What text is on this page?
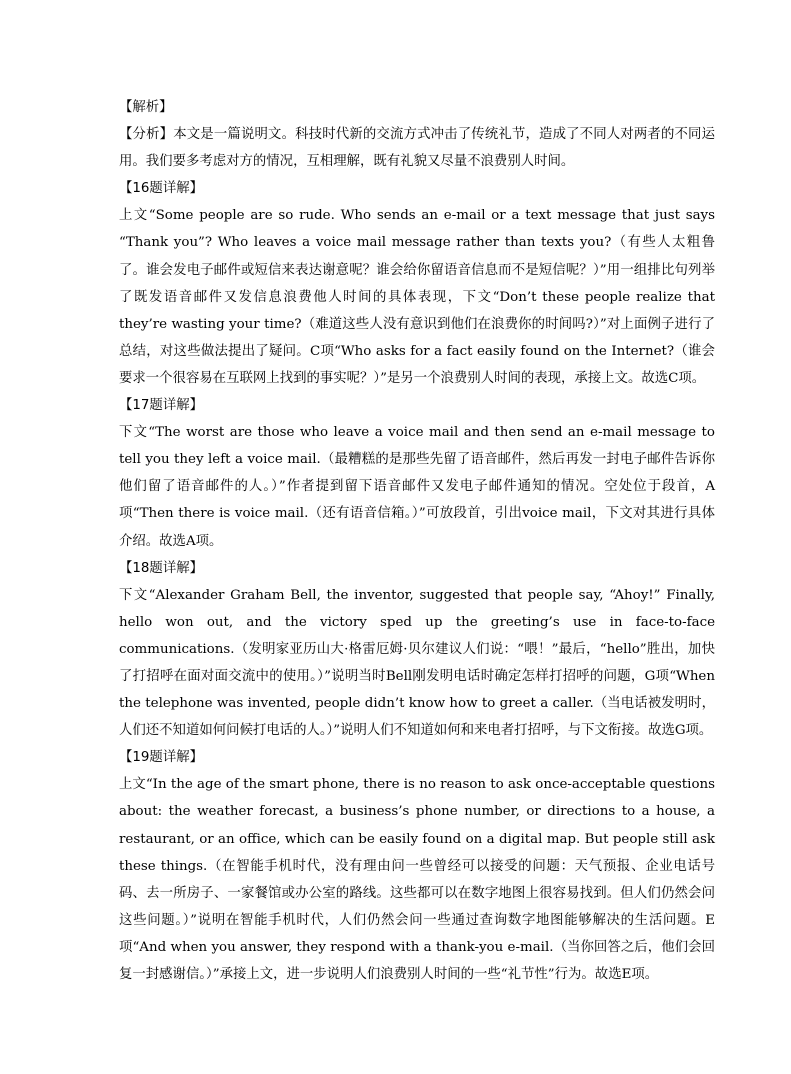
【解析】
【分析】本文是一篇说明文。科技时代新的交流方式冲击了传统礼节，造成了不同人对两者的不同运用。我们要多考虑对方的情况，互相理解，既有礼貌又尽量不浪费别人时间。
【16题详解】
上文“Some people are so rude. Who sends an e-mail or a text message that just says “Thank you”? Who leaves a voice mail message rather than texts you?（有些人太粗鲁了。谁会发电子邮件或短信来表达谢意呢？谁会给你留语音信息而不是短信呢？）”用一组排比句列举了既发语音邮件又发信息浪费他人时间的具体表现，下文“Don’t these people realize that they’re wasting your time?（难道这些人没有意识到他们在浪费你的时间吗?）”对上面例子进行了总结，对这些做法提出了疑问。C项“Who asks for a fact easily found on the Internet?（谁会要求一个很容易在互联网上找到的事实呢？）”是另一个浪费别人时间的表现，承接上文。故选C项。
【17题详解】
下文“The worst are those who leave a voice mail and then send an e-mail message to tell you they left a voice mail.（最糟糕的是那些先留了语音邮件，然后再发一封电子邮件告诉你他们留了语音邮件的人。）”作者提到留下语音邮件又发电子邮件通知的情况。空处位于段首，A项“Then there is voice mail.（还有语音信箱。）”可放段首，引出voice mail，下文对其进行具体介绍。故选A项。
【18题详解】
下文“Alexander Graham Bell, the inventor, suggested that people say, “Ahoy!” Finally, hello won out, and the victory sped up the greeting’s use in face-to-face communications.（发明家亚历山大·格雷厄姆·贝尔建议人们说：“喂！”最后，“hello”胜出，加快了打招呼在面对面交流中的使用。）”说明当时Bell刚发明电话时确定怎样打招呼的问题，G项“When the telephone was invented, people didn’t know how to greet a caller.（当电话被发明时，人们还不知道如何问候打电话的人。）”说明人们不知道如何和来电者打招呼，与下文衔接。故选G项。
【19题详解】
上文“In the age of the smart phone, there is no reason to ask once-acceptable questions about: the weather forecast, a business’s phone number, or directions to a house, a restaurant, or an office, which can be easily found on a digital map. But people still ask these things.（在智能手机时代，没有理由问一些曾经可以接受的问题：天气预报、企业电话号码、去一所房子、一家餐馆或办公室的路线。这些都可以在数字地图上很容易找到。但人们仍然会问这些问题。）”说明在智能手机时代，人们仍然会问一些通过查询数字地图能够解决的生活问题。E项“And when you answer, they respond with a thank-you e-mail.（当你回答之后，他们会回复一封感谢信。）”承接上文，进一步说明人们浪费别人时间的一些“礼节性”行为。故选E项。
